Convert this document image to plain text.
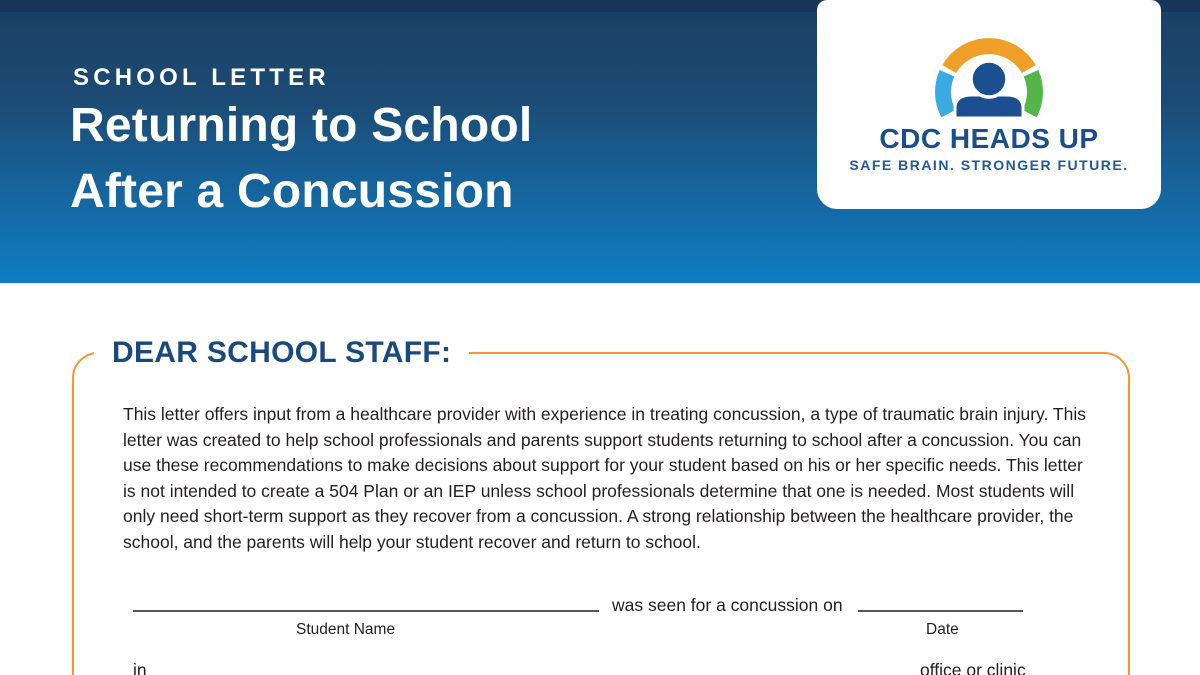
SCHOOL LETTER
Returning to School
After a Concussion
CDC HEADS UP
SAFE BRAIN. STRONGER FUTURE.
DEAR SCHOOL STAFF:

This letter offers input from a healthcare provider with experience in treating concussion, a type of traumatic brain injury. This letter was created to help school professionals and parents support students returning to school after a concussion. You can use these recommendations to make decisions about support for your student based on his or her specific needs. This letter is not intended to create a 504 Plan or an IEP unless school professionals determine that one is needed. Most students will only need short-term support as they recover from a concussion. A strong relationship between the healthcare provider, the school, and the parents will help your student recover and return to school.

was seen for a concussion on
Student Name	Date
in	office or clinic
